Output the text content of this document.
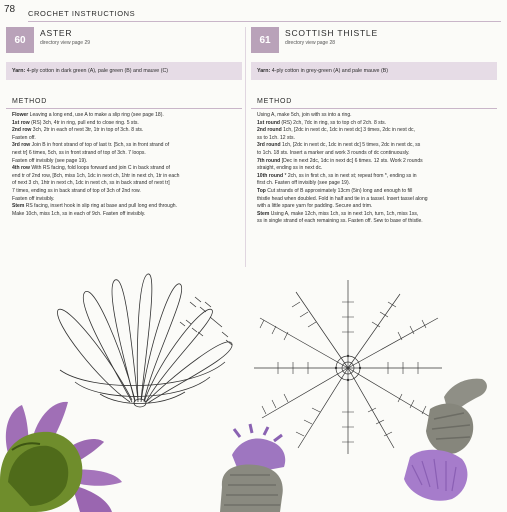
78 CROCHET INSTRUCTIONS
60
ASTER
directory view page 29
Yarn:
4-ply cotton in dark green (A), pale green (B) and mauve (C)
METHOD

Flower Leaving a long end, use A to make a slip ring (see page 18).

1st row (RS) 3ch, 4tr in ring, pull end to close ring. 5 sts.

2nd row 3ch, 2tr in each of next 3tr, 1tr in top of 3ch. 8 sts.

Fasten off.

3rd row Join B in front strand of top of last tr. [5ch, ss in front strand of

next tr] 6 times, 5ch, ss in front strand of top of 3ch. 7 loops.

Fasten off invisibly (see page 19).

4th row With RS facing, fold loops forward and join C in back strand of

end tr of 2nd row, [8ch, miss 1ch, 1dc in next ch, 1htr in next ch, 1tr in each

of next 3 ch, 1htr in next ch, 1dc in next ch, ss in back strand of next tr]

7 times, ending ss in back strand of top of 3ch of 2nd row.

Fasten off invisibly.

Stem RS facing, insert hook in slip ring at base and pull long end through.

Make 10ch, miss 1ch, ss in each of 9ch. Fasten off invisibly.

61
SCOTTISH THISTLE
directory view page 28
Yarn:
4-ply cotton in grey-green (A) and pale mauve (B)
METHOD

Using A, make 5ch, join with ss into a ring.

1st round (RS) 2ch, 7dc in ring, ss to top ch of 2ch. 8 sts.

2nd round 1ch, [2dc in next dc, 1dc in next dc] 3 times, 2dc in next dc,

ss to 1ch. 12 sts.

3rd round 1ch, [2dc in next dc, 1dc in next dc] 5 times, 2dc in next dc, ss

to 1ch. 18 sts. Insert a marker and work 3 rounds of dc continuously.

7th round [Dec in next 2dc, 1dc in next dc] 6 times. 12 sts. Work 2 rounds

straight, ending ss in next dc.

10th round * 2ch, ss in first ch, ss in next st; repeat from *, ending ss in

first ch. Fasten off invisibly (see page 19).

Top Cut strands of B approximately 13cm (5in) long and enough to fill

thistle head when doubled. Fold in half and tie in a tassel. Insert tassel along

with a little spare yarn for padding. Secure and trim.

Stem Using A, make 12ch, miss 1ch, ss in next 1ch, turn, 1ch, miss 1ss,

ss in single strand of each remaining ss. Fasten off. Sew to base of thistle.
